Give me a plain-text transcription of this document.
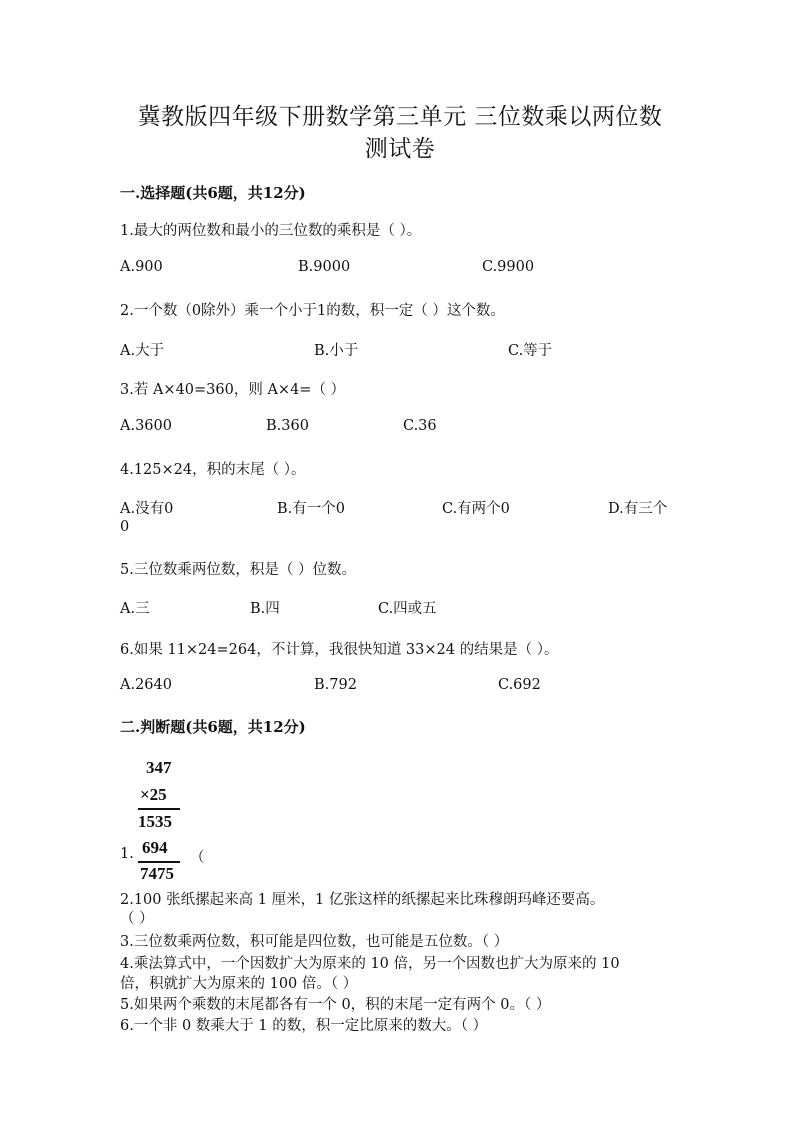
冀教版四年级下册数学第三单元 三位数乘以两位数
测试卷
一.选择题(共6题，共12分)
1.最大的两位数和最小的三位数的乘积是（ ）。
A.900	B.9000	C.9900
2.一个数（0除外）乘一个小于1的数，积一定（ ）这个数。
A.大于	B.小于	C.等于
3.若 A×40=360，则 A×4=（ ）
A.3600	B.360	C.36
4.125×24，积的末尾（ ）。
A.没有0	B.有一个0	C.有两个0	D.有三个
0
5.三位数乘两位数，积是（ ）位数。
A.三	B.四	C.四或五
6.如果 11×24=264，不计算，我很快知道 33×24 的结果是（ ）。
A.2640	B.792	C.692
二.判断题(共6题，共12分)
347
×25
1535
694
7475
1.	（
2.100 张纸摞起来高 1 厘米，1 亿张这样的纸摞起来比珠穆朗玛峰还要高。
（ ）
3.三位数乘两位数，积可能是四位数，也可能是五位数。（ ）
4.乘法算式中，一个因数扩大为原来的 10 倍，另一个因数也扩大为原来的 10
倍，积就扩大为原来的 100 倍。（ ）
5.如果两个乘数的末尾都各有一个 0，积的末尾一定有两个 0。（ ）
6.一个非 0 数乘大于 1 的数，积一定比原来的数大。（ ）
